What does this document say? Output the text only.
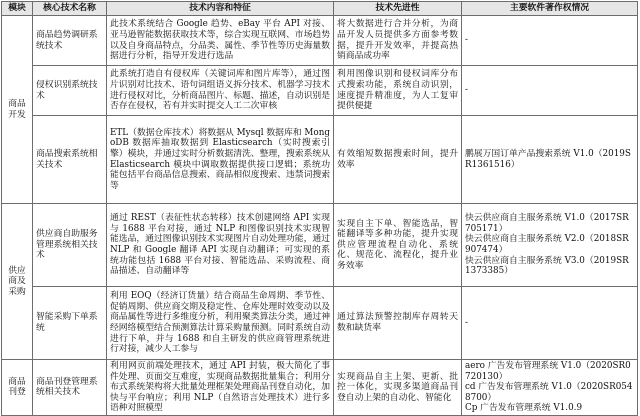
模块	核心技术名称	技术内容和特征	技术先进性	主要软件著作权情况
商品开发	商品趋势调研系统技术	此技术系统结合 Google 趋势、eBay 平台 API 对接、亚马逊智能数据获取技术等，综合实现互联网、市场趋势以及自身商品特点，分品类、属性、季节性等历史海量数据进行分析，指导开发进行选品	将大数据进行合并分析，为商品开发人员提供多方面参考数据，提升开发效率，并提高热销商品成功率	-

	侵权识别系统技术	此系统打造自有侵权库（关键词库和图片库等），通过图片识别对比技术、语句词组语义拆分技术、机器学习技术进行侵权对比，分析商品图片、标题、描述，自动识别是否存在侵权，若有并实时提交人工二次审核	利用图像识别和侵权词库分布式搜索功能，系统自动识别，速度提升精准度，为人工复审提供便捷	-

	商品搜索系统相关技术	ETL（数据仓库技术）将数据从 Mysql 数据库和 MongoDB 数据库抽取数据到 Elasticsearch（实时搜索引擎）模块，并通过实时分析数据清洗、整理，搜索系统从 Elasticsearch 模块中调取数据提供接口逻辑；系统功能包括平台商品信息搜索、商品相似度搜索、违禁词搜索等	有效缩短数据搜索时间，提升效率	鹏展万国订单产品搜索系统 V1.0（2019SR1361516）

供应商及采购	供应商自助服务管理系统相关技术	通过 REST（表征性状态转移）技术创建网络 API 实现与 1688 平台对接，通过 NLP 和图像识别技术实现智能选品，通过图像识别技术实现图片自动处理功能，通过 NLP 和 Google 翻译 API 实现自动翻译；可实现的系统功能包括 1688 平台对接、智能选品、采购流程、商品描述、自动翻译等	实现自主下单、智能选品，智能翻译等多种功能，提升实现供应管理流程自动化、系统化、规范化、流程化，提升业务效率	快云供应商自主服务系统 V1.0（2017SR705171）
快云供应商自主服务系统 V2.0（2018SR907474）
快云供应商自主服务系统 V3.0（2019SR1373385）

	智能采购下单系统	利用 EOQ（经济订货量）结合商品生命周期、季节性、促销周期、供应商交期及稳定性、仓库处理时效变动以及商品属性等进行多维度分析，利用聚类算法分类，通过神经网络模型结合预测算法计算采购量预测。同时系统自动进行下单，并与 1688 和自主研发的供应商管理系统进行对接，减少人工参与	通过算法预警控制库存周转天数和缺货率	-

商品刊登	商品刊登管理系统相关技术	利用网页前端处理技术，通过 API 封装，极大简化了事件处理、页面交互难度，实现商品数据批量集合；利用分布式系统架构将大批量处理框架处理商品刊登自动化，加快与平台响应；利用 NLP（自然语言处理技术）进行多语种对照模型	实现商品自主上架、更新、批控一体化，实现多渠道商品刊登自动上架的自动化、智能化	aero 广告发布管理系统 V1.0（2020SR0720130）
cd 广告发布管理系统 V1.0（2020SR0548700）
Cp 广告发布管理系统 V1.0.9
